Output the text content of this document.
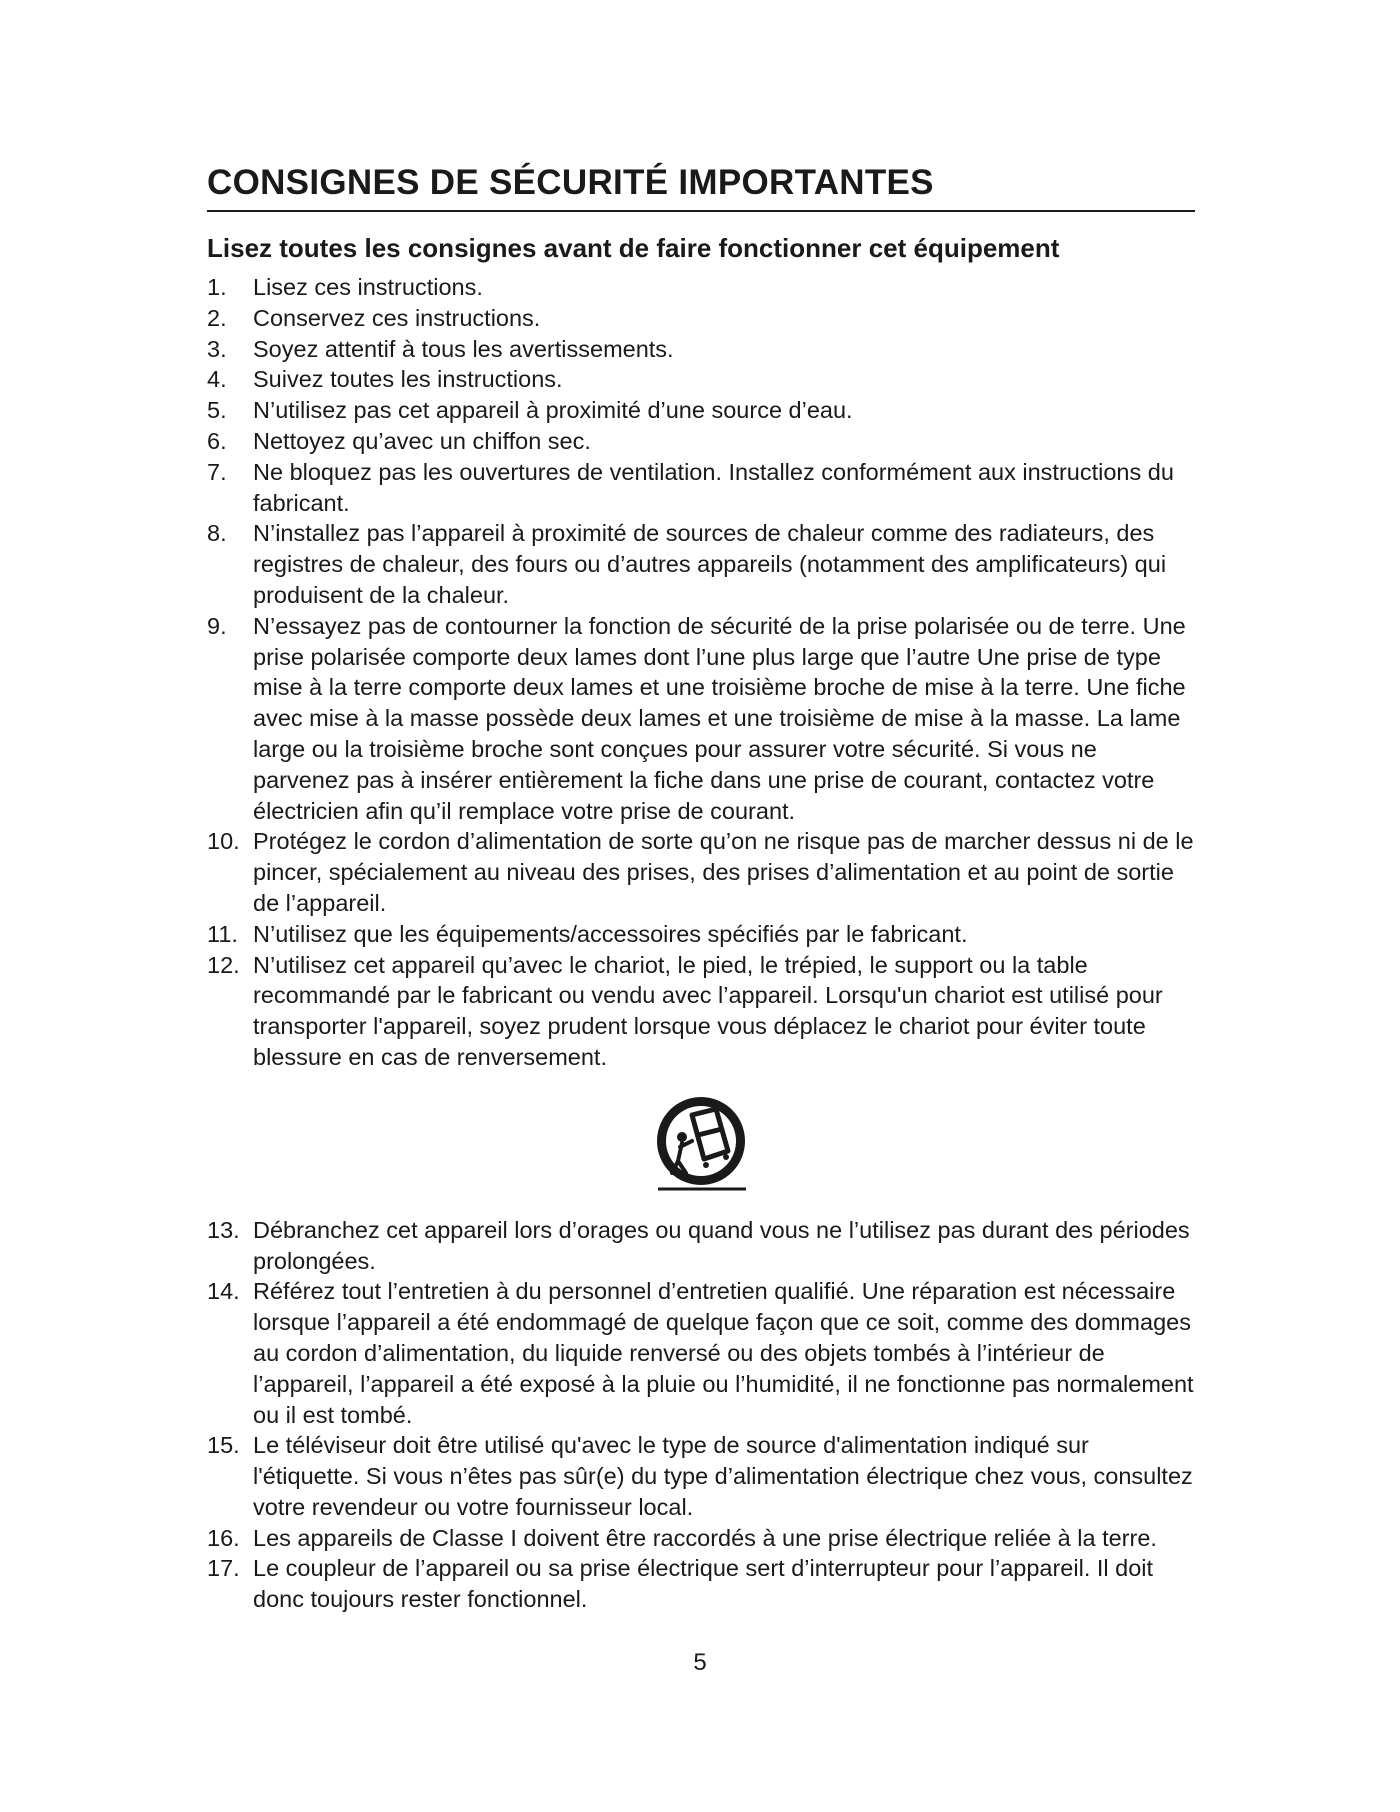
CONSIGNES DE SÉCURITÉ IMPORTANTES
Lisez toutes les consignes avant de faire fonctionner cet équipement
1.	Lisez ces instructions.
2.	Conservez ces instructions.
3.	Soyez attentif à tous les avertissements.
4.	Suivez toutes les instructions.
5.	N’utilisez pas cet appareil à proximité d’une source d’eau.
6.	Nettoyez qu’avec un chiffon sec.
7.	Ne bloquez pas les ouvertures de ventilation. Installez conformément aux instructions du fabricant.
8.	N’installez pas l’appareil à proximité de sources de chaleur comme des radiateurs, des registres de chaleur, des fours ou d’autres appareils (notamment des amplificateurs) qui produisent de la chaleur.
9.	N’essayez pas de contourner la fonction de sécurité de la prise polarisée ou de terre. Une prise polarisée comporte deux lames dont l’une plus large que l’autre Une prise de type mise à la terre comporte deux lames et une troisième broche de mise à la terre. Une fiche avec mise à la masse possède deux lames et une troisième de mise à la masse. La lame large ou la troisième broche sont conçues pour assurer votre sécurité. Si vous ne parvenez pas à insérer entièrement la fiche dans une prise de courant, contactez votre électricien afin qu’il remplace votre prise de courant.
10. Protégez le cordon d’alimentation de sorte qu’on ne risque pas de marcher dessus ni de le pincer, spécialement au niveau des prises, des prises d’alimentation et au point de sortie de l’appareil.
11. N’utilisez que les équipements/accessoires spécifiés par le fabricant.
12. N’utilisez cet appareil qu’avec le chariot, le pied, le trépied, le support ou la table recommandé par le fabricant ou vendu avec l’appareil. Lorsqu'un chariot est utilisé pour transporter l'appareil, soyez prudent lorsque vous déplacez le chariot pour éviter toute blessure en cas de renversement.
13. Débranchez cet appareil lors d’orages ou quand vous ne l’utilisez pas durant des périodes prolongées.
14. Référez tout l’entretien à du personnel d’entretien qualifié. Une réparation est nécessaire lorsque l’appareil a été endommagé de quelque façon que ce soit, comme des dommages au cordon d’alimentation, du liquide renversé ou des objets tombés à l’intérieur de l’appareil, l’appareil a été exposé à la pluie ou l’humidité, il ne fonctionne pas normalement ou il est tombé.
15. Le téléviseur doit être utilisé qu'avec le type de source d'alimentation indiqué sur l'étiquette. Si vous n’êtes pas sûr(e) du type d’alimentation électrique chez vous, consultez votre revendeur ou votre fournisseur local.
16. Les appareils de Classe I doivent être raccordés à une prise électrique reliée à la terre.
17. Le coupleur de l’appareil ou sa prise électrique sert d’interrupteur pour l’appareil. Il doit donc toujours rester fonctionnel.
5
